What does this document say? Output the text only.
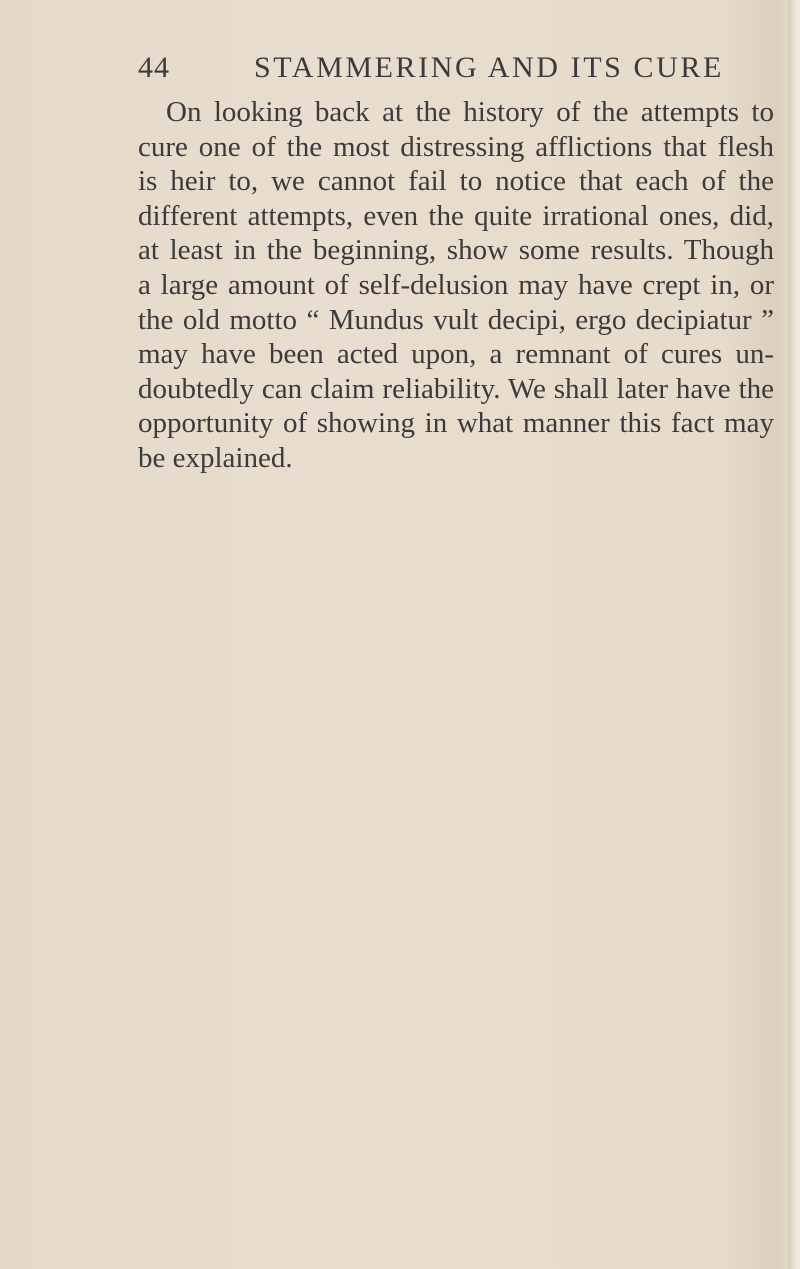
44	STAMMERING AND ITS CURE
On looking back at the history of the attempts to
cure one of the most distressing afflictions that flesh
is heir to, we cannot fail to notice that each of the
different attempts, even the quite irrational ones, did,
at least in the beginning, show some results. Though
a large amount of self-delusion may have crept in, or
the old motto “ Mundus vult decipi, ergo decipiatur ”
may have been acted upon, a remnant of cures un-
doubtedly can claim reliability. We shall later have the
opportunity of showing in what manner this fact may
be explained.
